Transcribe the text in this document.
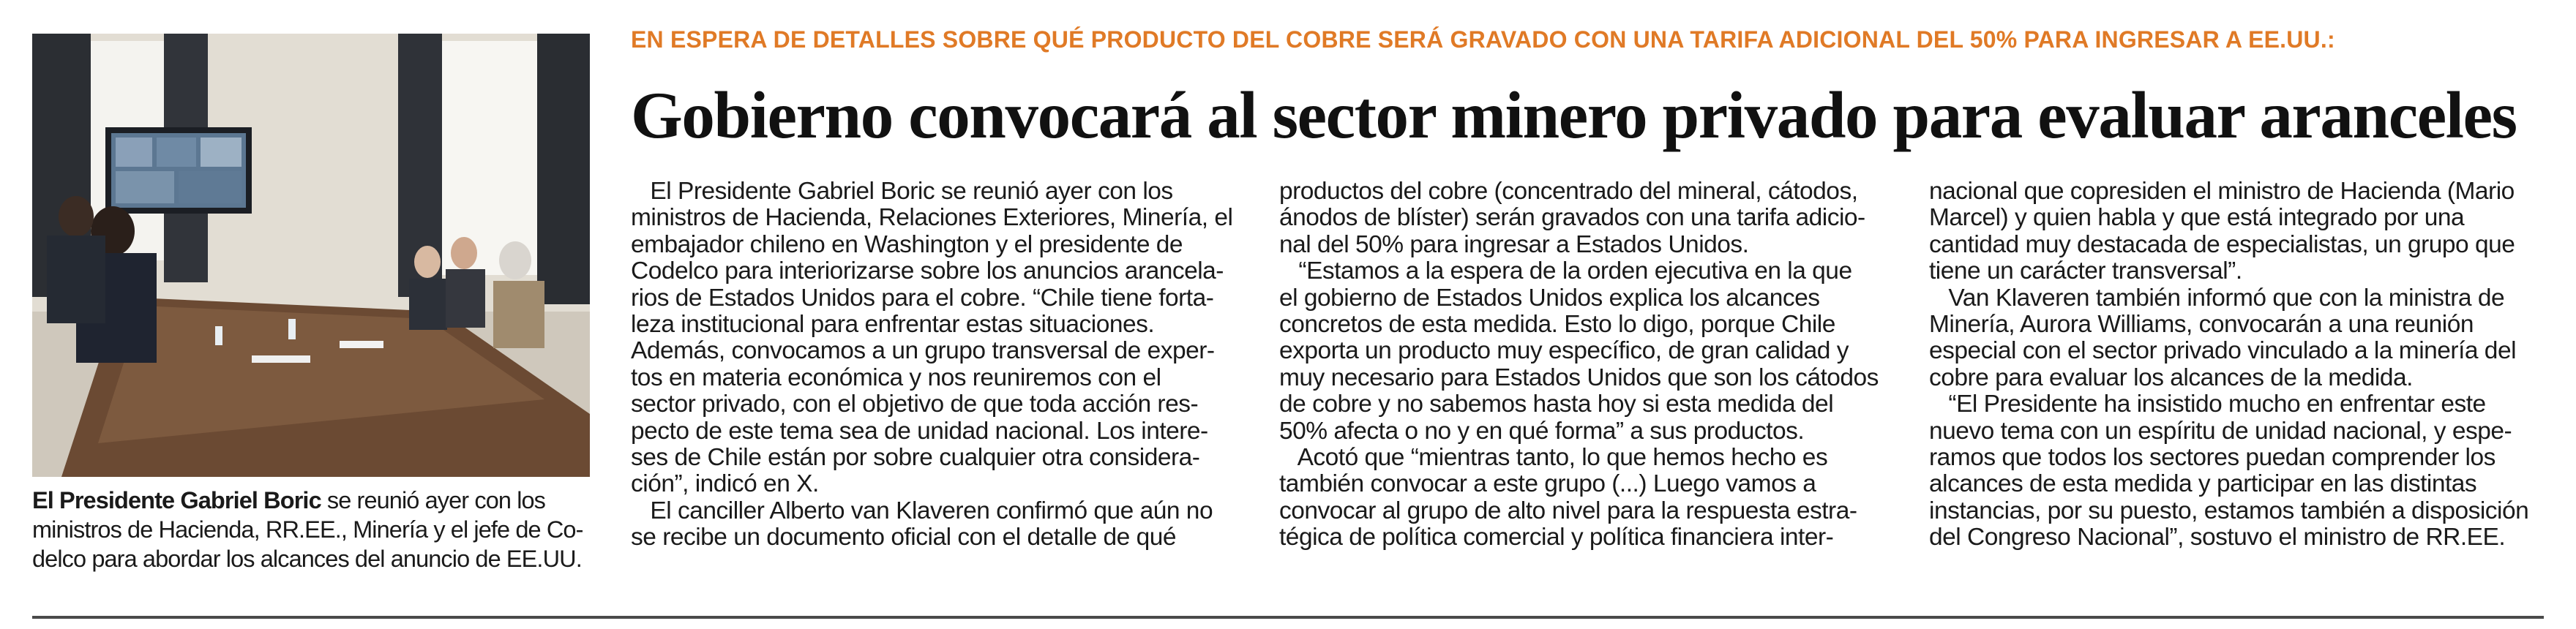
El Presidente Gabriel Boric se reunió ayer con los
ministros de Hacienda, RR.EE., Minería y el jefe de Co-
delco para abordar los alcances del anuncio de EE.UU.
EN ESPERA DE DETALLES SOBRE QUÉ PRODUCTO DEL COBRE SERÁ GRAVADO CON UNA TARIFA ADICIONAL DEL 50% PARA INGRESAR A EE.UU.:
Gobierno convocará al sector minero privado para evaluar aranceles
El Presidente Gabriel Boric se reunió ayer con los
ministros de Hacienda, Relaciones Exteriores, Minería, el
embajador chileno en Washington y el presidente de
Codelco para interiorizarse sobre los anuncios arancela-
rios de Estados Unidos para el cobre. “Chile tiene forta-
leza institucional para enfrentar estas situaciones.
Además, convocamos a un grupo transversal de exper-
tos en materia económica y nos reuniremos con el
sector privado, con el objetivo de que toda acción res-
pecto de este tema sea de unidad nacional. Los intere-
ses de Chile están por sobre cualquier otra considera-
ción”, indicó en X.
El canciller Alberto van Klaveren confirmó que aún no
se recibe un documento oficial con el detalle de qué
productos del cobre (concentrado del mineral, cátodos,
ánodos de blíster) serán gravados con una tarifa adicio-
nal del 50% para ingresar a Estados Unidos.
“Estamos a la espera de la orden ejecutiva en la que
el gobierno de Estados Unidos explica los alcances
concretos de esta medida. Esto lo digo, porque Chile
exporta un producto muy específico, de gran calidad y
muy necesario para Estados Unidos que son los cátodos
de cobre y no sabemos hasta hoy si esta medida del
50% afecta o no y en qué forma” a sus productos.
Acotó que “mientras tanto, lo que hemos hecho es
también convocar a este grupo (...) Luego vamos a
convocar al grupo de alto nivel para la respuesta estra-
tégica de política comercial y política financiera inter-
nacional que copresiden el ministro de Hacienda (Mario
Marcel) y quien habla y que está integrado por una
cantidad muy destacada de especialistas, un grupo que
tiene un carácter transversal”.
Van Klaveren también informó que con la ministra de
Minería, Aurora Williams, convocarán a una reunión
especial con el sector privado vinculado a la minería del
cobre para evaluar los alcances de la medida.
“El Presidente ha insistido mucho en enfrentar este
nuevo tema con un espíritu de unidad nacional, y espe-
ramos que todos los sectores puedan comprender los
alcances de esta medida y participar en las distintas
instancias, por su puesto, estamos también a disposición
del Congreso Nacional”, sostuvo el ministro de RR.EE.
